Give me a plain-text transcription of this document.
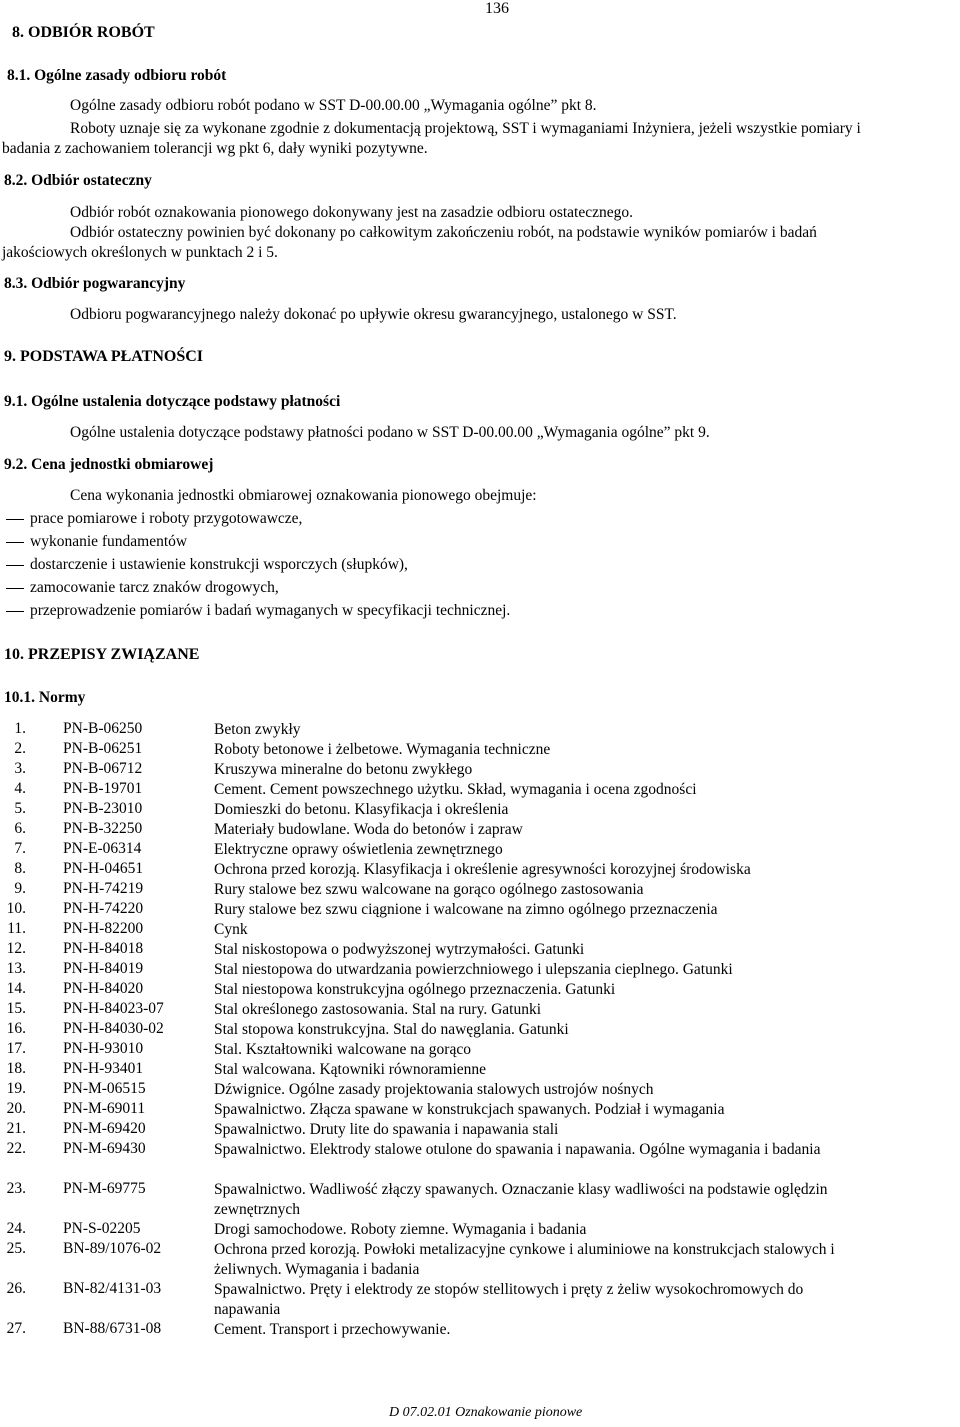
136
8. ODBIÓR ROBÓT
8.1. Ogólne zasady odbioru robót
Ogólne zasady odbioru robót podano w SST D-00.00.00 „Wymagania ogólne” pkt 8.
Roboty uznaje się za wykonane zgodnie z dokumentacją projektową, SST i wymaganiami Inżyniera, jeżeli wszystkie pomiary i
badania z zachowaniem tolerancji wg pkt 6, dały wyniki pozytywne.
8.2. Odbiór ostateczny
Odbiór robót oznakowania pionowego dokonywany jest na zasadzie odbioru ostatecznego.
Odbiór ostateczny powinien być dokonany po całkowitym zakończeniu robót, na podstawie wyników pomiarów i badań
jakościowych określonych w punktach 2 i 5.
8.3. Odbiór pogwarancyjny
Odbioru pogwarancyjnego należy dokonać po upływie okresu gwarancyjnego, ustalonego w SST.
9. PODSTAWA PŁATNOŚCI
9.1. Ogólne ustalenia dotyczące podstawy płatności
Ogólne ustalenia dotyczące podstawy płatności podano w SST D-00.00.00 „Wymagania ogólne” pkt 9.
9.2. Cena jednostki obmiarowej
Cena wykonania jednostki obmiarowej oznakowania pionowego obejmuje:
prace pomiarowe i roboty przygotowawcze,
wykonanie fundamentów
dostarczenie i ustawienie konstrukcji wsporczych (słupków),
zamocowanie tarcz znaków drogowych,
przeprowadzenie pomiarów i badań wymaganych w specyfikacji technicznej.
10. PRZEPISY ZWIĄZANE
10.1. Normy
1. PN-B-06250	Beton zwykły
2. PN-B-06251	Roboty betonowe i żelbetowe. Wymagania techniczne
3. PN-B-06712	Kruszywa mineralne do betonu zwykłego
4. PN-B-19701	Cement. Cement powszechnego użytku. Skład, wymagania i ocena zgodności
5. PN-B-23010	Domieszki do betonu. Klasyfikacja i określenia
6. PN-B-32250	Materiały budowlane. Woda do betonów i zapraw
7. PN-E-06314	Elektryczne oprawy oświetlenia zewnętrznego
8. PN-H-04651	Ochrona przed korozją. Klasyfikacja i określenie agresywności korozyjnej środowiska
9. PN-H-74219	Rury stalowe bez szwu walcowane na gorąco ogólnego zastosowania
10. PN-H-74220	Rury stalowe bez szwu ciągnione i walcowane na zimno ogólnego przeznaczenia
11. PN-H-82200	Cynk
12. PN-H-84018	Stal niskostopowa o podwyższonej wytrzymałości. Gatunki
13. PN-H-84019	Stal niestopowa do utwardzania powierzchniowego i ulepszania cieplnego. Gatunki
14. PN-H-84020	Stal niestopowa konstrukcyjna ogólnego przeznaczenia. Gatunki
15. PN-H-84023-07	Stal określonego zastosowania. Stal na rury. Gatunki
16. PN-H-84030-02	Stal stopowa konstrukcyjna. Stal do nawęglania. Gatunki
17. PN-H-93010	Stal. Kształtowniki walcowane na gorąco
18. PN-H-93401	Stal walcowana. Kątowniki równoramienne
19. PN-M-06515	Dźwignice. Ogólne zasady projektowania stalowych ustrojów nośnych
20. PN-M-69011	Spawalnictwo. Złącza spawane w konstrukcjach spawanych. Podział i wymagania
21. PN-M-69420	Spawalnictwo. Druty lite do spawania i napawania stali
22. PN-M-69430	Spawalnictwo. Elektrody stalowe otulone do spawania i napawania. Ogólne wymagania i badania
23. PN-M-69775	Spawalnictwo. Wadliwość złączy spawanych. Oznaczanie klasy wadliwości na podstawie oględzin zewnętrznych
24. PN-S-02205	Drogi samochodowe. Roboty ziemne. Wymagania i badania
25. BN-89/1076-02	Ochrona przed korozją. Powłoki metalizacyjne cynkowe i aluminiowe na konstrukcjach stalowych i żeliwnych. Wymagania i badania
26. BN-82/4131-03	Spawalnictwo. Pręty i elektrody ze stopów stellitowych i pręty z żeliw wysokochromowych do napawania
27. BN-88/6731-08	Cement. Transport i przechowywanie.
D 07.02.01 Oznakowanie pionowe
